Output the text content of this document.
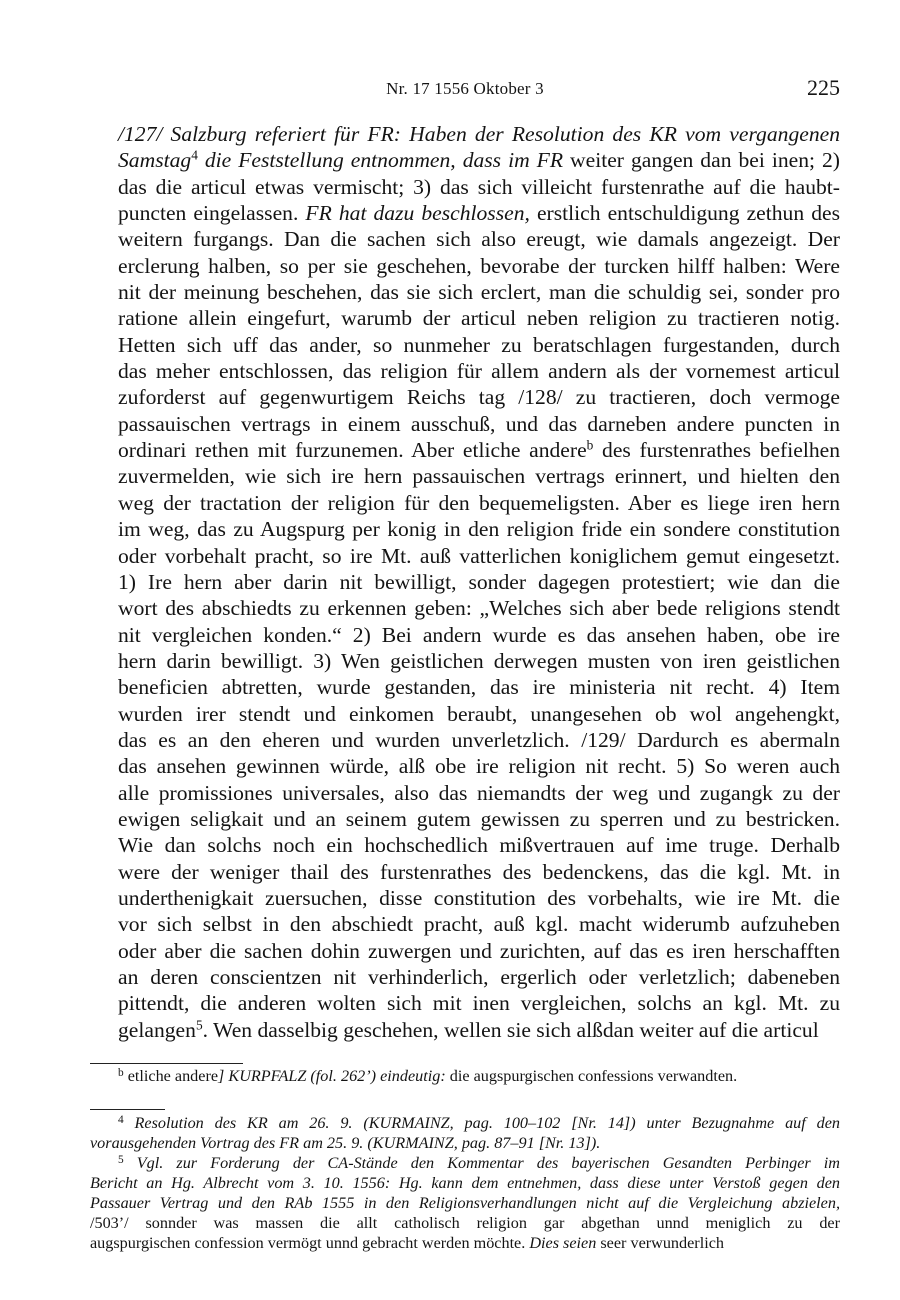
Nr. 17 1556 Oktober 3	225

/127/ Salzburg referiert für FR: Haben der Resolution des KR vom vergangenen
Samstag$^4$ die Feststellung entnommen, dass im FR weiter gangen dan bei inen; 2)
das die articul etwas vermischt; 3) das sich villeicht furstenrathe auf die haubt-
puncten eingelassen. FR hat dazu beschlossen, erstlich entschuldigung zethun des
weitern furgangs. Dan die sachen sich also ereugt, wie damals angezeigt. Der
erclerung halben, so per sie geschehen, bevorabe der turcken hilff halben: Were
nit der meinung beschehen, das sie sich erclert, man die schuldig sei, sonder pro
ratione allein eingefurt, warumb der articul neben religion zu tractieren notig.
Hetten sich uff das ander, so nunmeher zu beratschlagen furgestanden, durch
das meher entschlossen, das religion für allem andern als der vornemest articul
zuforderst auf gegenwurtigem Reichs tag /128/ zu tractieren, doch vermoge
passauischen vertrags in einem ausschuß, und das darneben andere puncten in
ordinari rethen mit furzunemen. Aber etliche andere$^b$ des furstenrathes befielhen
zuvermelden, wie sich ire hern passauischen vertrags erinnert, und hielten den
weg der tractation der religion für den bequemeligsten. Aber es liege iren hern
im weg, das zu Augspurg per konig in den religion fride ein sondere constitution
oder vorbehalt pracht, so ire Mt. auß vatterlichen koniglichem gemut eingesetzt.
1) Ire hern aber darin nit bewilligt, sonder dagegen protestiert; wie dan die
wort des abschiedts zu erkennen geben: „Welches sich aber bede religions stendt
nit vergleichen konden.“ 2) Bei andern wurde es das ansehen haben, obe ire
hern darin bewilligt. 3) Wen geistlichen derwegen musten von iren geistlichen
beneficien abtretten, wurde gestanden, das ire ministeria nit recht. 4) Item
wurden irer stendt und einkomen beraubt, unangesehen ob wol angehengkt,
das es an den eheren und wurden unverletzlich. /129/ Dardurch es abermaln
das ansehen gewinnen würde, alß obe ire religion nit recht. 5) So weren auch
alle promissiones universales, also das niemandts der weg und zugangk zu der
ewigen seligkait und an seinem gutem gewissen zu sperren und zu bestricken.
Wie dan solchs noch ein hochschedlich mißvertrauen auf ime truge. Derhalb
were der weniger thail des furstenrathes des bedenckens, das die kgl. Mt. in
underthenigkait zuersuchen, disse constitution des vorbehalts, wie ire Mt. die
vor sich selbst in den abschiedt pracht, auß kgl. macht widerumb aufzuheben
oder aber die sachen dohin zuwergen und zurichten, auf das es iren herschafften
an deren conscientzen nit verhinderlich, ergerlich oder verletzlich; dabeneben
pittendt, die anderen wolten sich mit inen vergleichen, solchs an kgl. Mt. zu
gelangen$^5$. Wen dasselbig geschehen, wellen sie sich alßdan weiter auf die articul

$^b$ etliche andere] KURPFALZ (fol. 262’) eindeutig: die augspurgischen confessions verwandten.
$^4$ Resolution des KR am 26. 9. (KURMAINZ, pag. 100–102 [Nr. 14]) unter Bezugnahme auf den
vorausgehenden Vortrag des FR am 25. 9. (KURMAINZ, pag. 87–91 [Nr. 13]).
$^5$ Vgl. zur Forderung der CA-Stände den Kommentar des bayerischen Gesandten Perbinger im
Bericht an Hg. Albrecht vom 3. 10. 1556: Hg. kann dem entnehmen, dass diese unter Verstoß gegen den
Passauer Vertrag und den RAb 1555 in den Religionsverhandlungen nicht auf die Vergleichung abzielen,
/503’/ sonnder was massen die allt catholisch religion gar abgethan unnd meniglich zu der
augspurgischen confession vermögt unnd gebracht werden möchte. Dies seien seer verwunderlich
